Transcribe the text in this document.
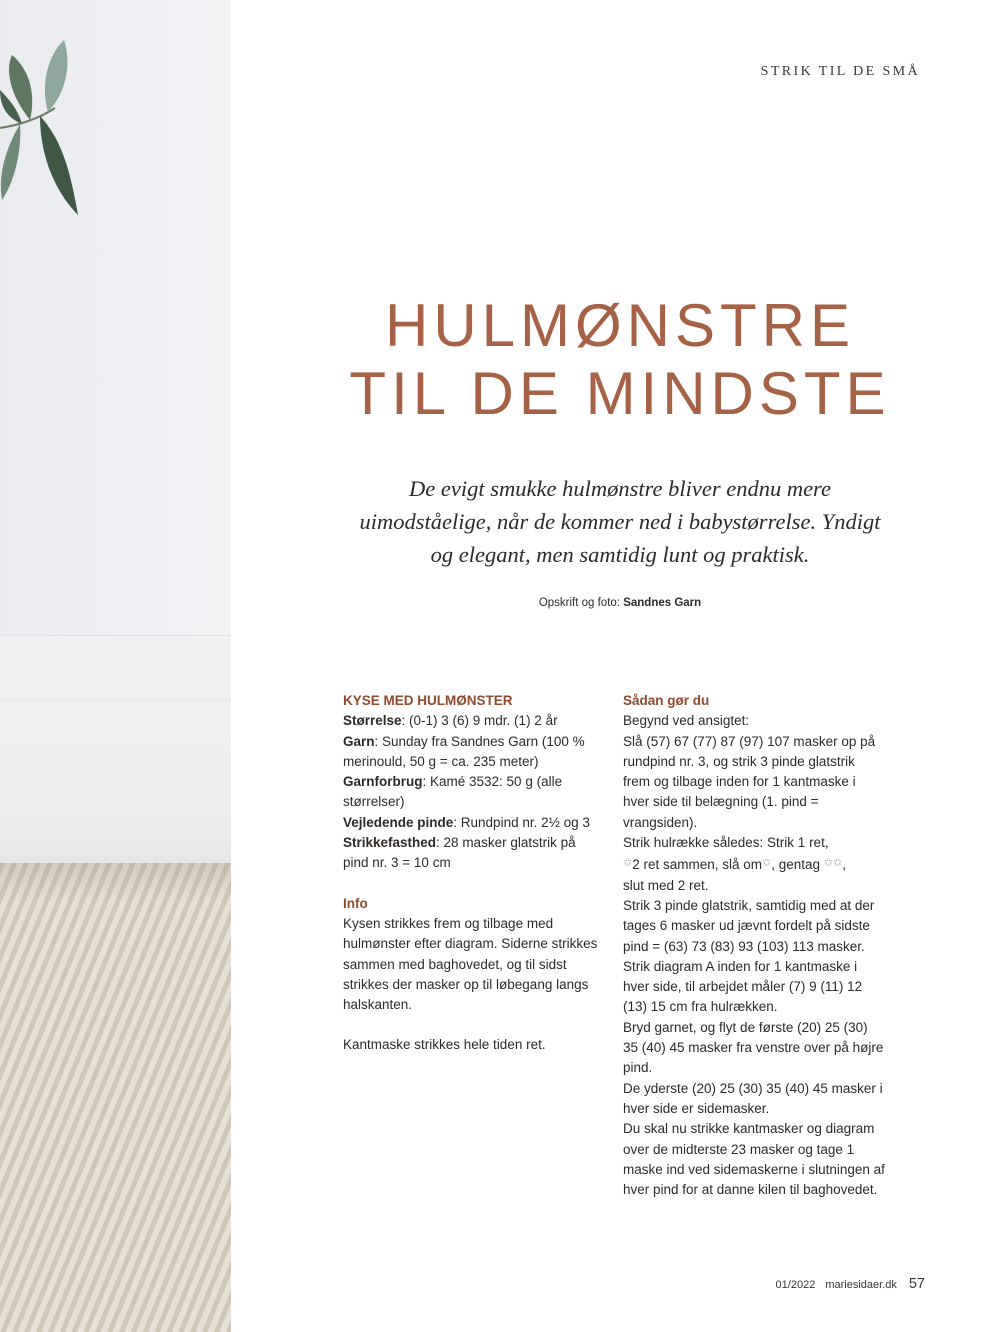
STRIK TIL DE SMÅ
HULMØNSTRE
TIL DE MINDSTE

De evigt smukke hulmønstre bliver endnu mere
uimodståelige, når de kommer ned i babystørrelse. Yndigt
og elegant, men samtidig lunt og praktisk.

Opskrift og foto: Sandnes Garn
KYSE MED HULMØNSTER

Størrelse: (0-1) 3 (6) 9 mdr. (1) 2 år

Garn: Sunday fra Sandnes Garn (100 % merinould, 50 g = ca. 235 meter)

Garnforbrug: Kamé 3532: 50 g (alle størrelser)

Vejledende pinde: Rundpind nr. 2½ og 3

Strikkefasthed: 28 masker glatstrik på pind nr. 3 = 10 cm

Info

Kysen strikkes frem og tilbage med hulmønster efter diagram. Siderne strikkes sammen med baghovedet, og til sidst strikkes der masker op til løbegang langs halskanten.

Kantmaske strikkes hele tiden ret.

Sådan gør du

Begynd ved ansigtet:

Slå (57) 67 (77) 87 (97) 107 masker op på rundpind nr. 3, og strik 3 pinde glatstrik frem og tilbage inden for 1 kantmaske i hver side til belægning (1. pind = vrangsiden).

Strik hulrække således: Strik 1 ret,
✩2 ret sammen, slå om✩, gentag ✩✩,
slut med 2 ret.

Strik 3 pinde glatstrik, samtidig med at der tages 6 masker ud jævnt fordelt på sidste pind = (63) 73 (83) 93 (103) 113 masker.

Strik diagram A inden for 1 kantmaske i hver side, til arbejdet måler (7) 9 (11) 12 (13) 15 cm fra hulrækken.

Bryd garnet, og flyt de første (20) 25 (30) 35 (40) 45 masker fra venstre over på højre pind.

De yderste (20) 25 (30) 35 (40) 45 masker i hver side er sidemasker.

Du skal nu strikke kantmasker og diagram over de midterste 23 masker og tage 1 maske ind ved sidemaskerne i slutningen af hver pind for at danne kilen til baghovedet.

01/2022 mariesidaer.dk 57
